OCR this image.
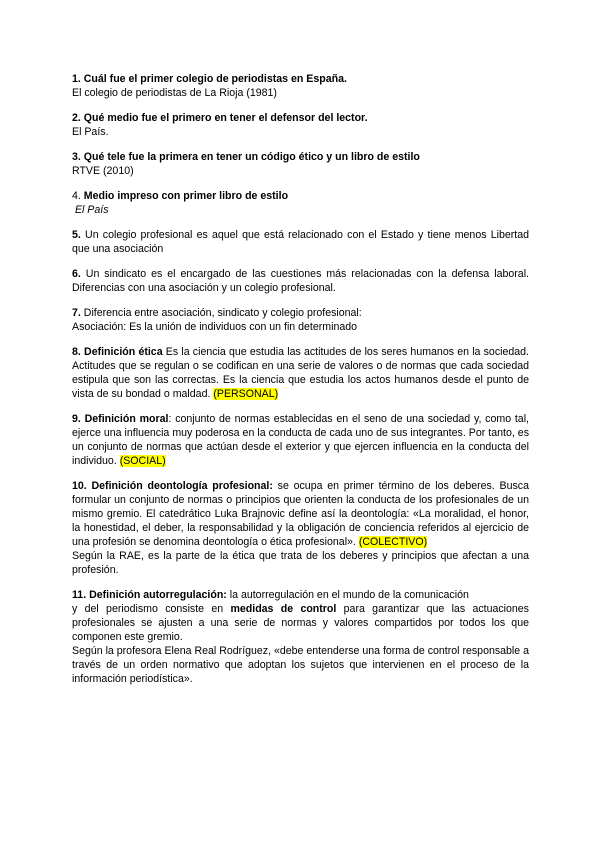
1. Cuál fue el primer colegio de periodistas en España.

El colegio de periodistas de La Rioja (1981)

2. Qué medio fue el primero en tener el defensor del lector.

El País.

3. Qué tele fue la primera en tener un código ético y un libro de estilo

RTVE (2010)

4. Medio impreso con primer libro de estilo

El País

5. Un colegio profesional es aquel que está relacionado con el Estado y tiene menos Libertad que una asociación

6. Un sindicato es el encargado de las cuestiones más relacionadas con la defensa laboral. Diferencias con una asociación y un colegio profesional.

7. Diferencia entre asociación, sindicato y colegio profesional:

Asociación: Es la unión de individuos con un fin determinado

8. Definición ética Es la ciencia que estudia las actitudes de los seres humanos en la sociedad. Actitudes que se regulan o se codifican en una serie de valores o de normas que cada sociedad estipula que son las correctas. Es la ciencia que estudia los actos humanos desde el punto de vista de su bondad o maldad. (PERSONAL)

9. Definición moral: conjunto de normas establecidas en el seno de una sociedad y, como tal, ejerce una influencia muy poderosa en la conducta de cada uno de sus integrantes. Por tanto, es un conjunto de normas que actúan desde el exterior y que ejercen influencia en la conducta del individuo. (SOCIAL)

10. Definición deontología profesional: se ocupa en primer término de los deberes. Busca formular un conjunto de normas o principios que orienten la conducta de los profesionales de un mismo gremio. El catedrático Luka Brajnovic define así la deontología: «La moralidad, el honor, la honestidad, el deber, la responsabilidad y la obligación de conciencia referidos al ejercicio de una profesión se denomina deontología o ética profesional». (COLECTIVO)

Según la RAE, es la parte de la ética que trata de los deberes y principios que afectan a una profesión.

11. Definición autorregulación: la autorregulación en el mundo de la comunicación

y del periodismo consiste en medidas de control para garantizar que las actuaciones profesionales se ajusten a una serie de normas y valores compartidos por todos los que componen este gremio.

Según la profesora Elena Real Rodríguez, «debe entenderse una forma de control responsable a través de un orden normativo que adoptan los sujetos que intervienen en el proceso de la información periodística».
